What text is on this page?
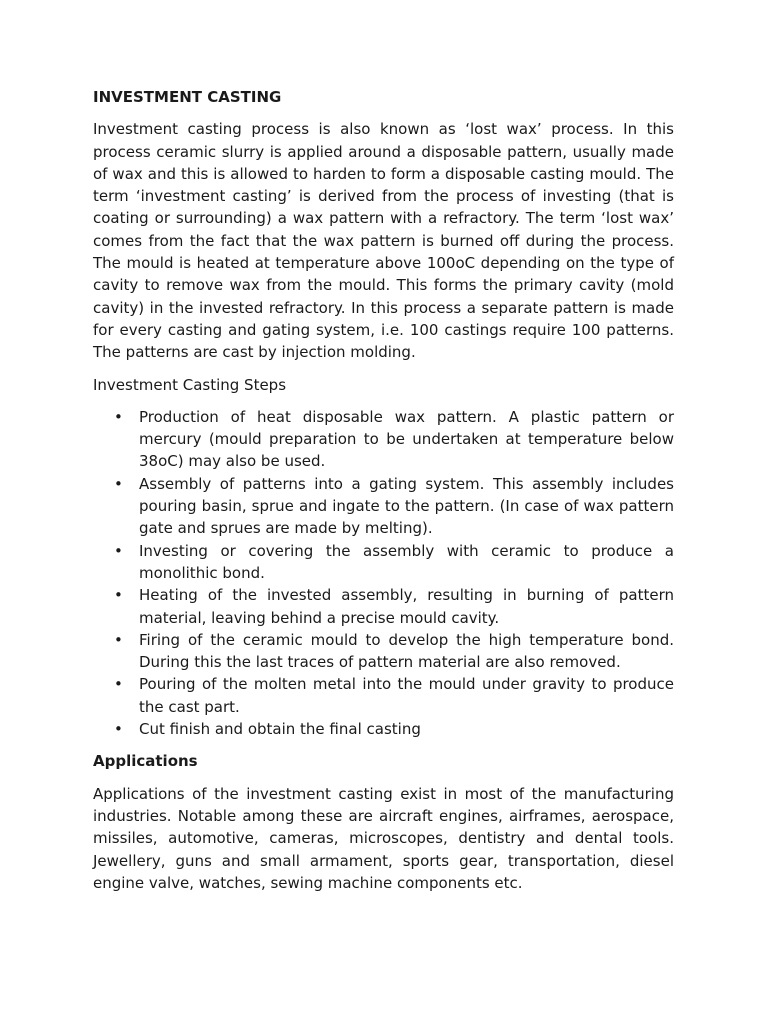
INVESTMENT CASTING

Investment casting process is also known as ‘lost wax’ process. In this process ceramic slurry is applied around a disposable pattern, usually made of wax and this is allowed to harden to form a disposable casting mould. The term ‘investment casting’ is derived from the process of investing (that is coating or surrounding) a wax pattern with a refractory. The term ‘lost wax’ comes from the fact that the wax pattern is burned off during the process. The mould is heated at temperature above 100oC depending on the type of cavity to remove wax from the mould. This forms the primary cavity (mold cavity) in the invested refractory. In this process a separate pattern is made for every casting and gating system, i.e. 100 castings require 100 patterns. The patterns are cast by injection molding.

Investment Casting Steps
• Production of heat disposable wax pattern. A plastic pattern or mercury (mould preparation to be undertaken at temperature below 38oC) may also be used.
• Assembly of patterns into a gating system. This assembly includes pouring basin, sprue and ingate to the pattern. (In case of wax pattern gate and sprues are made by melting).
• Investing or covering the assembly with ceramic to produce a monolithic bond.
• Heating of the invested assembly, resulting in burning of pattern material, leaving behind a precise mould cavity.
• Firing of the ceramic mould to develop the high temperature bond. During this the last traces of pattern material are also removed.
• Pouring of the molten metal into the mould under gravity to produce the cast part.
• Cut finish and obtain the final casting
Applications

Applications of the investment casting exist in most of the manufacturing industries. Notable among these are aircraft engines, airframes, aerospace, missiles, automotive, cameras, microscopes, dentistry and dental tools. Jewellery, guns and small armament, sports gear, transportation, diesel engine valve, watches, sewing machine components etc.
